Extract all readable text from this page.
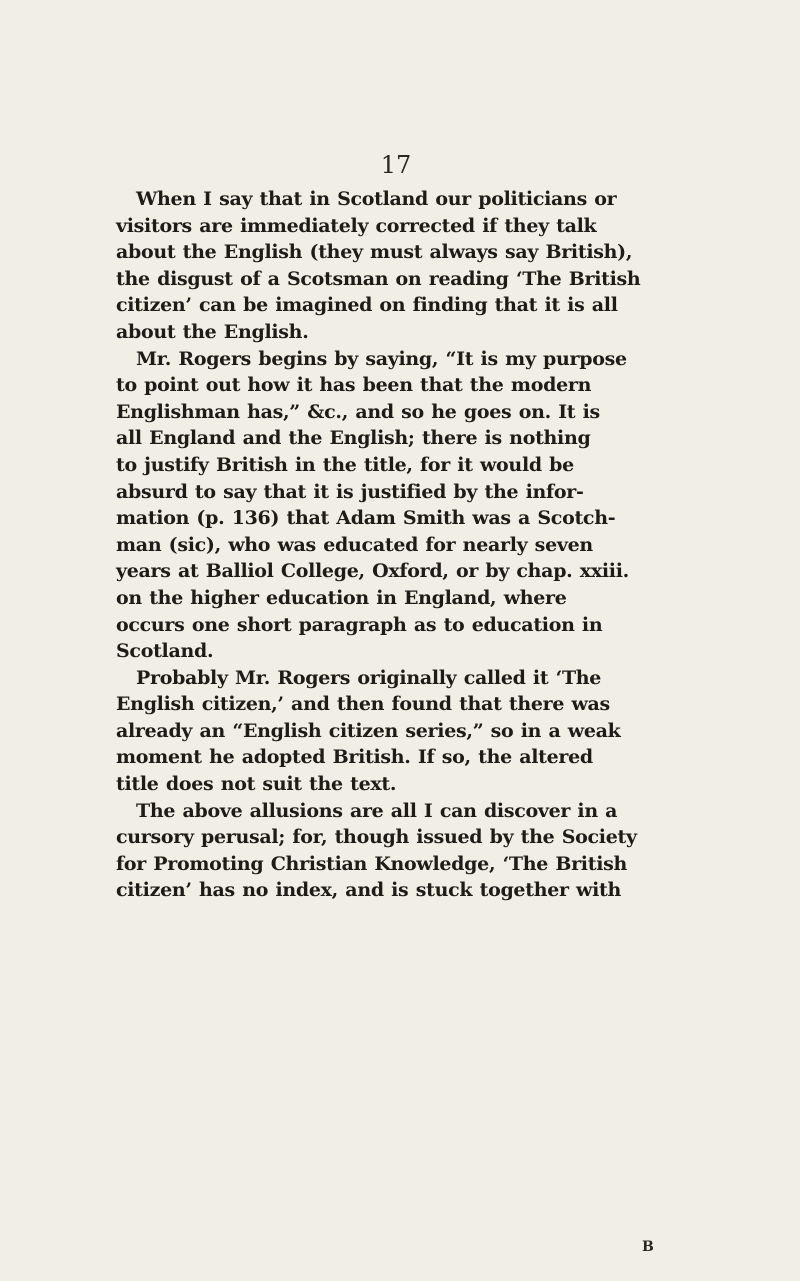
17
When I say that in Scotland our politicians or
visitors are immediately corrected if they talk
about the English (they must always say British),
the disgust of a Scotsman on reading ‘The British
citizen’ can be imagined on finding that it is all
about the English.
Mr. Rogers begins by saying, “It is my purpose
to point out how it has been that the modern
Englishman has,” &c., and so he goes on. It is
all England and the English; there is nothing
to justify British in the title, for it would be
absurd to say that it is justified by the infor-
mation (p. 136) that Adam Smith was a Scotch-
man (sic), who was educated for nearly seven
years at Balliol College, Oxford, or by chap. xxiii.
on the higher education in England, where
occurs one short paragraph as to education in
Scotland.
Probably Mr. Rogers originally called it ‘The
English citizen,’ and then found that there was
already an “English citizen series,” so in a weak
moment he adopted British. If so, the altered
title does not suit the text.
The above allusions are all I can discover in a
cursory perusal; for, though issued by the Society
for Promoting Christian Knowledge, ‘The British
citizen’ has no index, and is stuck together with
B
